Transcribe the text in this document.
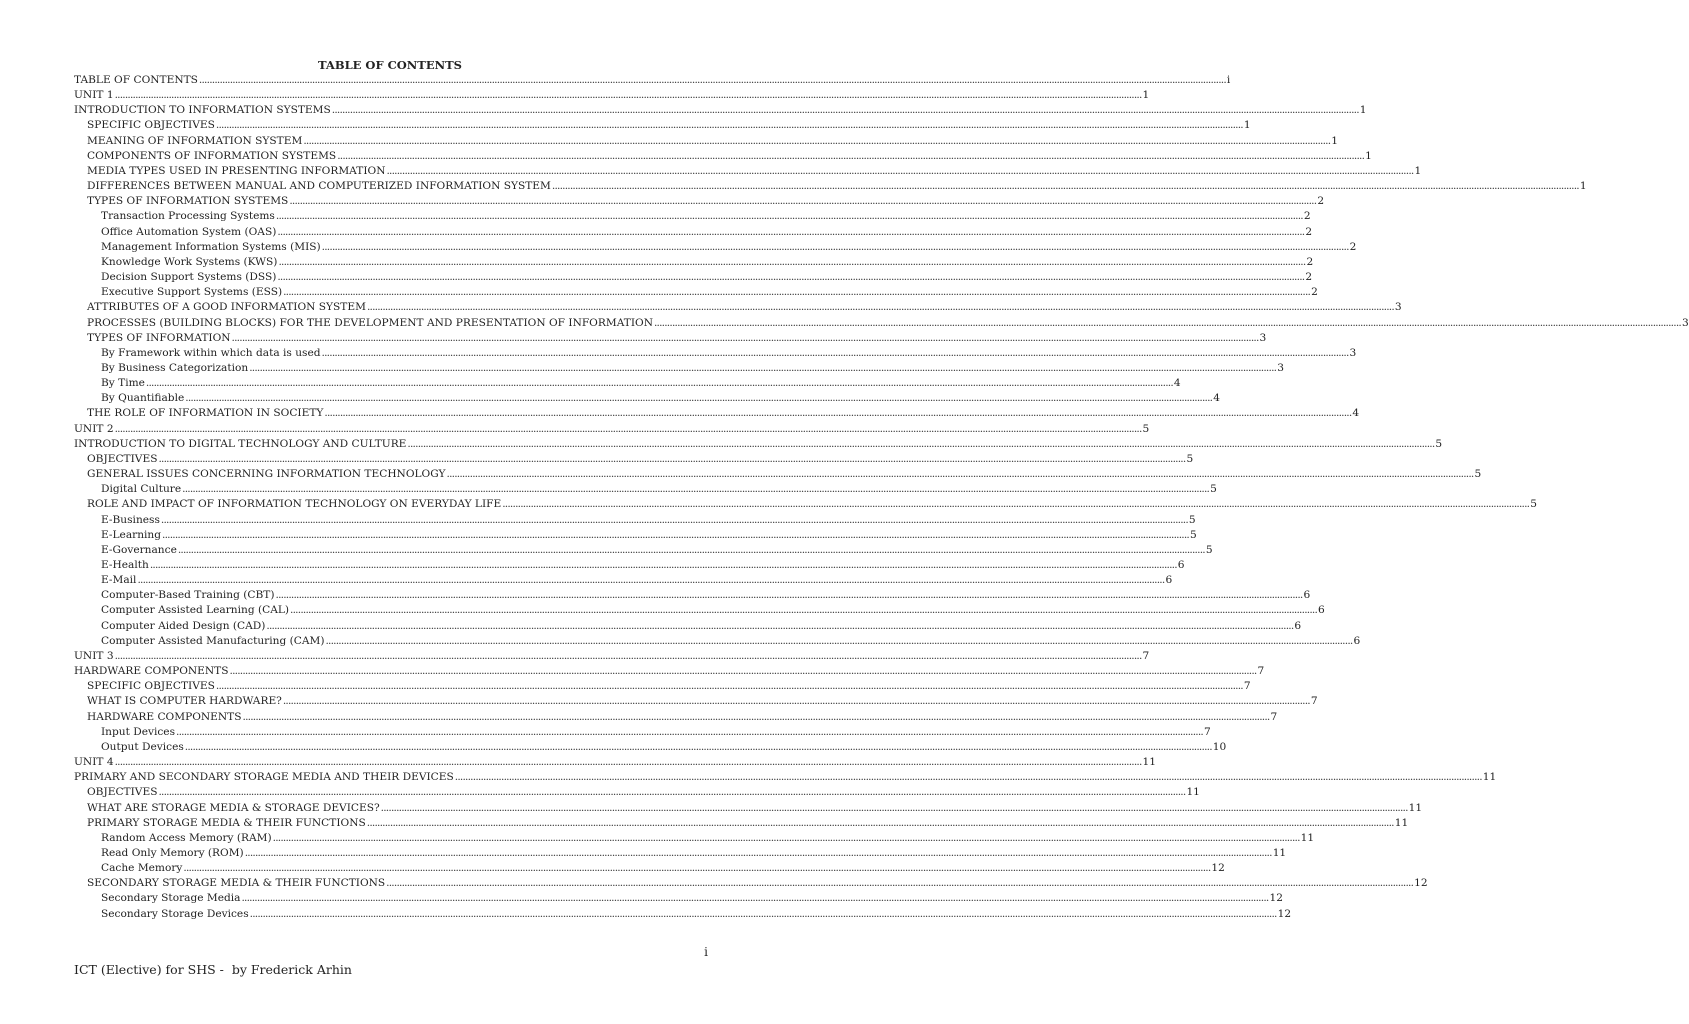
TABLE OF CONTENTS
TABLE OF CONTENTS ................................................................................................................................................................................................................................................................................................................................................................................................................ i
UNIT 1 ................................................................................................................................................................................................................................................................................................................................................................................................................ 1
INTRODUCTION TO INFORMATION SYSTEMS ................................................................................................................................................................................................................................................................................................................................................................................................................ 1
SPECIFIC OBJECTIVES ................................................................................................................................................................................................................................................................................................................................................................................................................ 1
MEANING OF INFORMATION SYSTEM ................................................................................................................................................................................................................................................................................................................................................................................................................ 1
COMPONENTS OF INFORMATION SYSTEMS ................................................................................................................................................................................................................................................................................................................................................................................................................ 1
MEDIA TYPES USED IN PRESENTING INFORMATION ................................................................................................................................................................................................................................................................................................................................................................................................................ 1
DIFFERENCES BETWEEN MANUAL AND COMPUTERIZED INFORMATION SYSTEM ................................................................................................................................................................................................................................................................................................................................................................................................................ 1
TYPES OF INFORMATION SYSTEMS ................................................................................................................................................................................................................................................................................................................................................................................................................ 2
Transaction Processing Systems ................................................................................................................................................................................................................................................................................................................................................................................................................ 2
Office Automation System (OAS) ................................................................................................................................................................................................................................................................................................................................................................................................................ 2
Management Information Systems (MIS) ................................................................................................................................................................................................................................................................................................................................................................................................................ 2
Knowledge Work Systems (KWS) ................................................................................................................................................................................................................................................................................................................................................................................................................ 2
Decision Support Systems (DSS) ................................................................................................................................................................................................................................................................................................................................................................................................................ 2
Executive Support Systems (ESS) ................................................................................................................................................................................................................................................................................................................................................................................................................ 2
ATTRIBUTES OF A GOOD INFORMATION SYSTEM ................................................................................................................................................................................................................................................................................................................................................................................................................ 3
PROCESSES (BUILDING BLOCKS) FOR THE DEVELOPMENT AND PRESENTATION OF INFORMATION ................................................................................................................................................................................................................................................................................................................................................................................................................ 3
TYPES OF INFORMATION ................................................................................................................................................................................................................................................................................................................................................................................................................ 3
By Framework within which data is used ................................................................................................................................................................................................................................................................................................................................................................................................................ 3
By Business Categorization ................................................................................................................................................................................................................................................................................................................................................................................................................ 3
By Time ................................................................................................................................................................................................................................................................................................................................................................................................................ 4
By Quantifiable ................................................................................................................................................................................................................................................................................................................................................................................................................ 4
THE ROLE OF INFORMATION IN SOCIETY ................................................................................................................................................................................................................................................................................................................................................................................................................ 4
UNIT 2 ................................................................................................................................................................................................................................................................................................................................................................................................................ 5
INTRODUCTION TO DIGITAL TECHNOLOGY AND CULTURE ................................................................................................................................................................................................................................................................................................................................................................................................................ 5
OBJECTIVES ................................................................................................................................................................................................................................................................................................................................................................................................................ 5
GENERAL ISSUES CONCERNING INFORMATION TECHNOLOGY ................................................................................................................................................................................................................................................................................................................................................................................................................ 5
Digital Culture ................................................................................................................................................................................................................................................................................................................................................................................................................ 5
ROLE AND IMPACT OF INFORMATION TECHNOLOGY ON EVERYDAY LIFE ................................................................................................................................................................................................................................................................................................................................................................................................................ 5
E-Business ................................................................................................................................................................................................................................................................................................................................................................................................................ 5
E-Learning ................................................................................................................................................................................................................................................................................................................................................................................................................ 5
E-Governance ................................................................................................................................................................................................................................................................................................................................................................................................................ 5
E-Health ................................................................................................................................................................................................................................................................................................................................................................................................................ 6
E-Mail ................................................................................................................................................................................................................................................................................................................................................................................................................ 6
Computer-Based Training (CBT) ................................................................................................................................................................................................................................................................................................................................................................................................................ 6
Computer Assisted Learning (CAL) ................................................................................................................................................................................................................................................................................................................................................................................................................ 6
Computer Aided Design (CAD) ................................................................................................................................................................................................................................................................................................................................................................................................................ 6
Computer Assisted Manufacturing (CAM) ................................................................................................................................................................................................................................................................................................................................................................................................................ 6
UNIT 3 ................................................................................................................................................................................................................................................................................................................................................................................................................ 7
HARDWARE COMPONENTS ................................................................................................................................................................................................................................................................................................................................................................................................................ 7
SPECIFIC OBJECTIVES ................................................................................................................................................................................................................................................................................................................................................................................................................ 7
WHAT IS COMPUTER HARDWARE? ................................................................................................................................................................................................................................................................................................................................................................................................................ 7
HARDWARE COMPONENTS ................................................................................................................................................................................................................................................................................................................................................................................................................ 7
Input Devices ................................................................................................................................................................................................................................................................................................................................................................................................................ 7
Output Devices ................................................................................................................................................................................................................................................................................................................................................................................................................ 10
UNIT 4 ................................................................................................................................................................................................................................................................................................................................................................................................................ 11
PRIMARY AND SECONDARY STORAGE MEDIA AND THEIR DEVICES ................................................................................................................................................................................................................................................................................................................................................................................................................ 11
OBJECTIVES ................................................................................................................................................................................................................................................................................................................................................................................................................ 11
WHAT ARE STORAGE MEDIA & STORAGE DEVICES? ................................................................................................................................................................................................................................................................................................................................................................................................................ 11
PRIMARY STORAGE MEDIA & THEIR FUNCTIONS ................................................................................................................................................................................................................................................................................................................................................................................................................ 11
Random Access Memory (RAM) ................................................................................................................................................................................................................................................................................................................................................................................................................ 11
Read Only Memory (ROM) ................................................................................................................................................................................................................................................................................................................................................................................................................ 11
Cache Memory ................................................................................................................................................................................................................................................................................................................................................................................................................ 12
SECONDARY STORAGE MEDIA & THEIR FUNCTIONS ................................................................................................................................................................................................................................................................................................................................................................................................................ 12
Secondary Storage Media ................................................................................................................................................................................................................................................................................................................................................................................................................ 12
Secondary Storage Devices ................................................................................................................................................................................................................................................................................................................................................................................................................ 12
i
ICT (Elective) for SHS -  by Frederick Arhin
